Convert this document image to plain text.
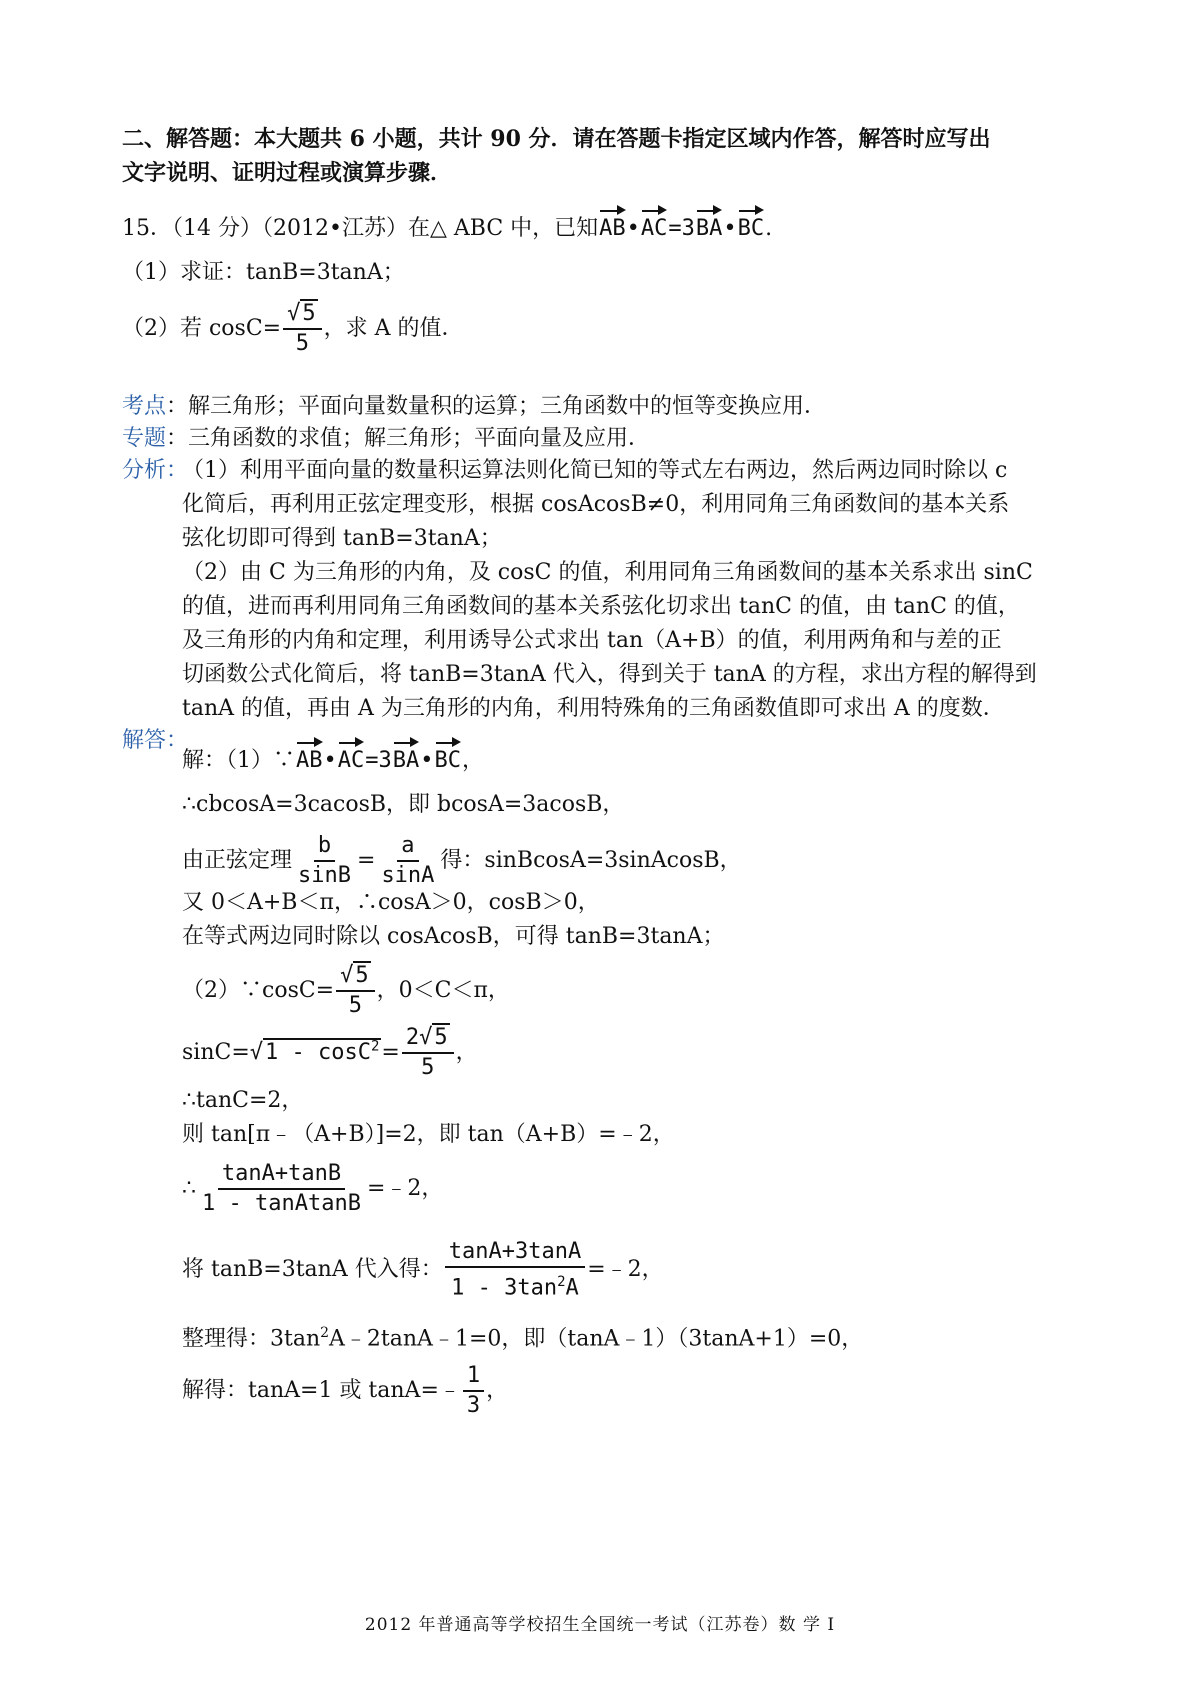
二、解答题：本大题共 6 小题，共计 90 分．请在答题卡指定区域内作答，解答时应写出
文字说明、证明过程或演算步骤．
15．（14 分）（2012•江苏）在△ ABC 中，已知AB•AC=3BA•BC.
（1）求证：tanB=3tanA；
（2）若 $\cos C= \frac{√5}{5}$ ，求 A 的值．
考点：解三角形；平面向量数量积的运算；三角函数中的恒等变换应用．
专题：三角函数的求值；解三角形；平面向量及应用．
分析：
（1）利用平面向量的数量积运算法则化简已知的等式左右两边，然后两边同时除以 c
化简后，再利用正弦定理变形，根据 cosAcosB≠0，利用同角三角函数间的基本关系
弦化切即可得到 tanB=3tanA；
（2）由 C 为三角形的内角，及 cosC 的值，利用同角三角函数间的基本关系求出 sinC
的值，进而再利用同角三角函数间的基本关系弦化切求出 tanC 的值，由 tanC 的值，
及三角形的内角和定理，利用诱导公式求出 tan（A+B）的值，利用两角和与差的正
切函数公式化简后，将 tanB=3tanA 代入，得到关于 tanA 的方程，求出方程的解得到
tanA 的值，再由 A 为三角形的内角，利用特殊角的三角函数值即可求出 A 的度数．
解答：
解：（1）∵AB•AC=3BA•BC，
∴cbcosA=3cacosB，即 bcosA=3acosB，
由正弦定理 $\frac{b}{\sin B} = \frac{a}{\sin A}$ 得：sinBcosA=3sinAcosB，
又 0＜A+B＜π，∴cosA＞0，cosB＞0，
在等式两边同时除以 cosAcosB，可得 tanB=3tanA；
（2）∵cosC= $\frac{√5}{5}$ ，0＜C＜π，
$\sin C=√1 - \cos C^2= \frac{2√5}{5}$ ，
∴tanC=2，
则 tan[π﹣（A+B）]=2，即 tan（A+B）=﹣2，
∴ $\frac{\tan A+\tan B}{\text{1 - tanAtanB}}$ =﹣2，
将 tanB=3tanA 代入得： $\frac{\tan A+3\tan A}{1 - 3\tan^2A}$ =﹣2，
整理得：$3\tan^2A﹣2\tan A﹣1=0$，即（tanA﹣1）（3tanA+1）=0，
解得：tanA=1 或 tanA=﹣ $\frac{1}{3}$ ，
2012 年普通高等学校招生全国统一考试（江苏卷）数 学 I
